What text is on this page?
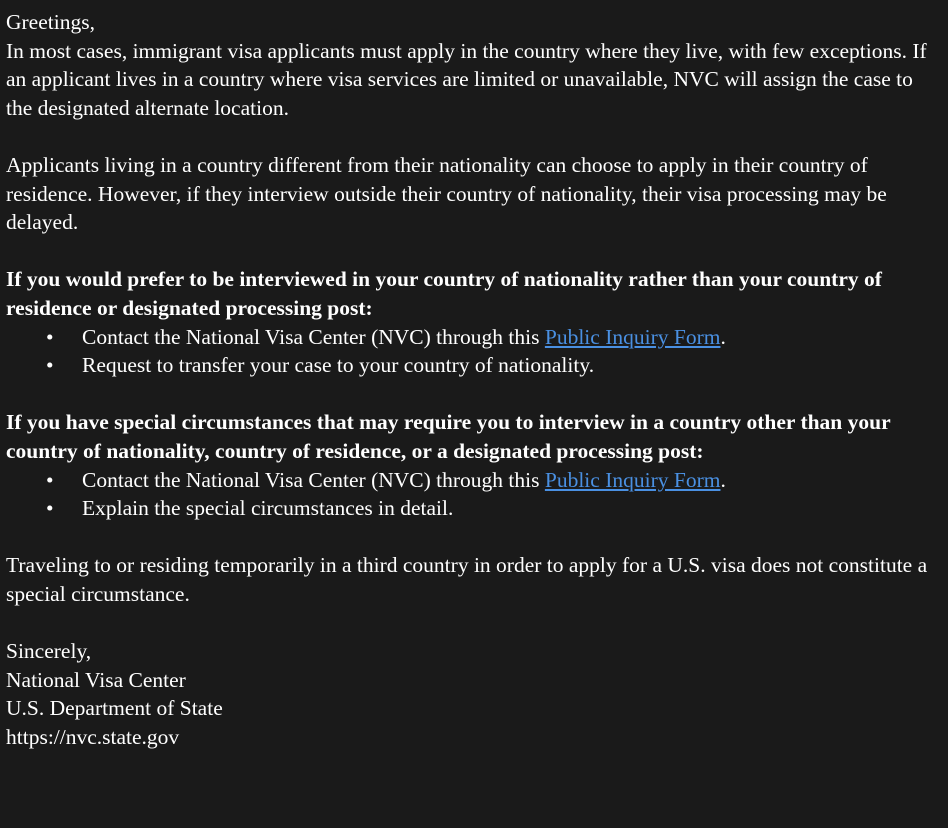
Greetings,

In most cases, immigrant visa applicants must apply in the country where they live, with few exceptions. If an applicant lives in a country where visa services are limited or unavailable, NVC will assign the case to the designated alternate location.

Applicants living in a country different from their nationality can choose to apply in their country of residence. However, if they interview outside their country of nationality, their visa processing may be delayed.

If you would prefer to be interviewed in your country of nationality rather than your country of residence or designated processing post:

• Contact the National Visa Center (NVC) through this Public Inquiry Form.
• Request to transfer your case to your country of nationality.

If you have special circumstances that may require you to interview in a country other than your country of nationality, country of residence, or a designated processing post:

• Contact the National Visa Center (NVC) through this Public Inquiry Form.
• Explain the special circumstances in detail.

Traveling to or residing temporarily in a third country in order to apply for a U.S. visa does not constitute a special circumstance.

Sincerely,

National Visa Center

U.S. Department of State

https://nvc.state.gov
